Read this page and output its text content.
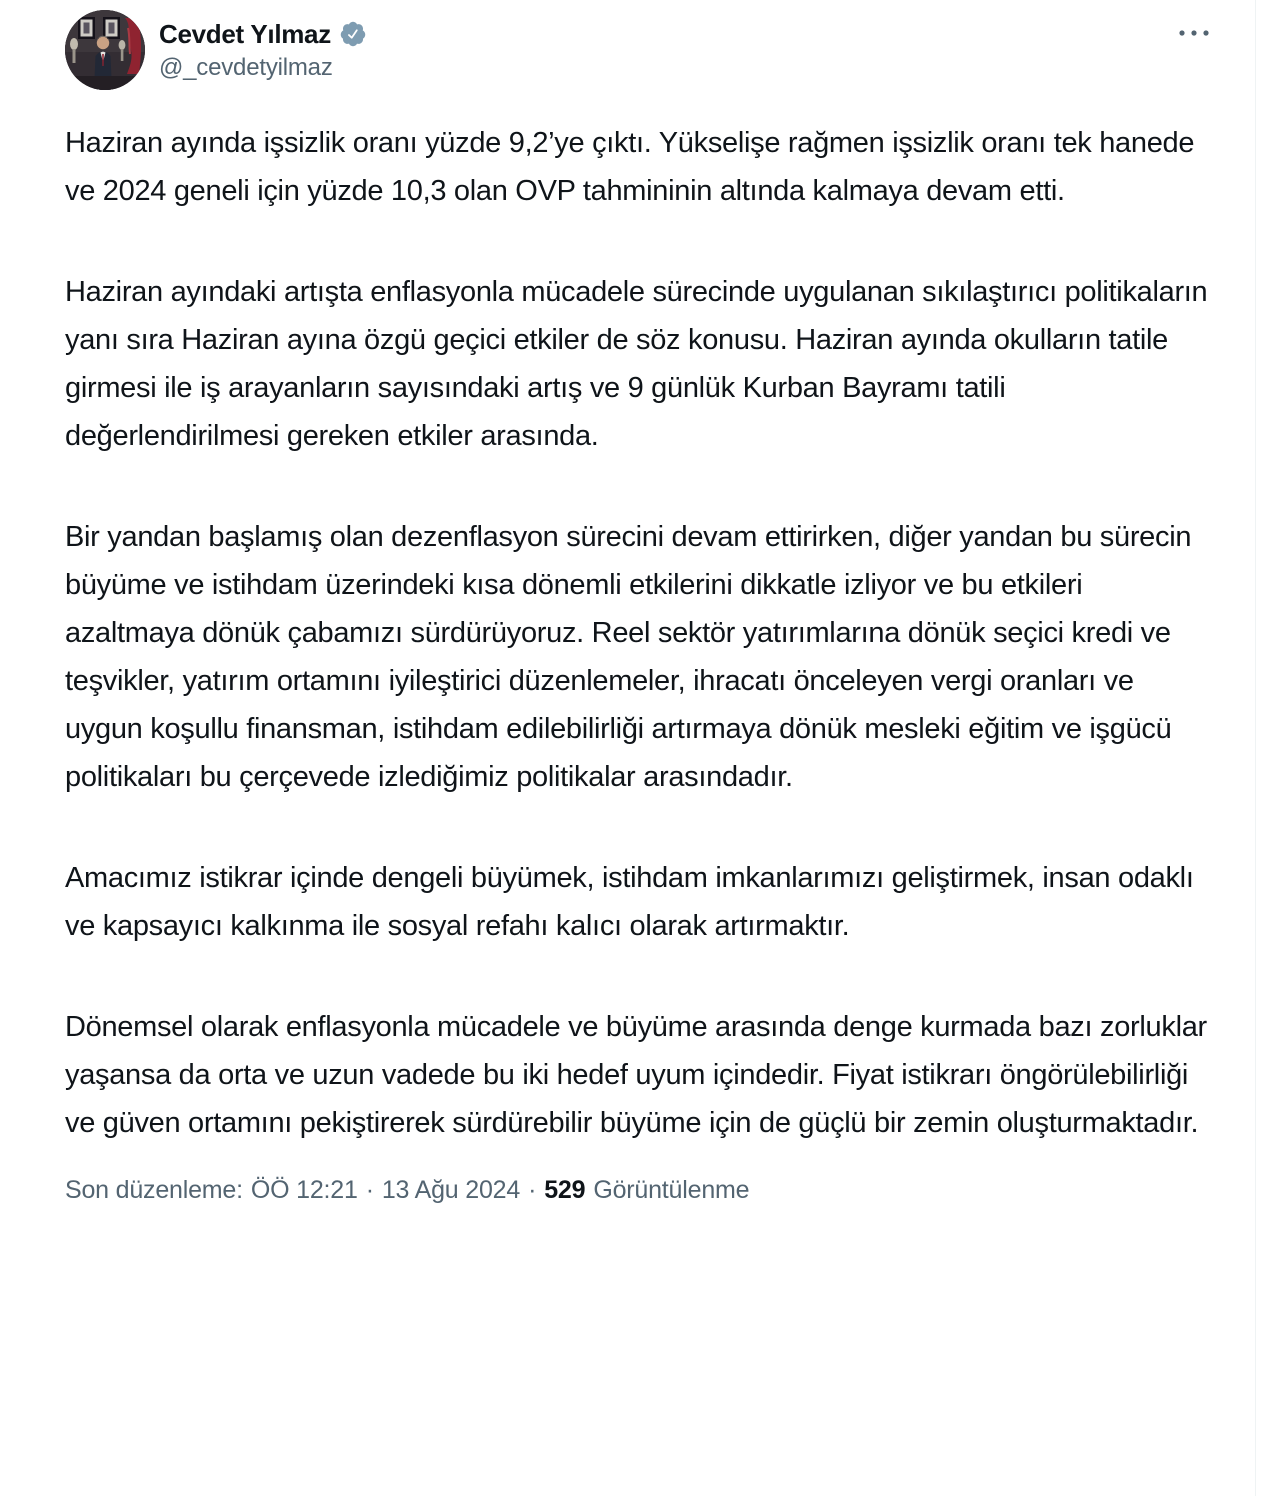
Cevdet Yılmaz
@_cevdetyilmaz

Haziran ayında işsizlik oranı yüzde 9,2’ye çıktı. Yükselişe rağmen işsizlik oranı tek hanede ve 2024 geneli için yüzde 10,3 olan OVP tahmininin altında kalmaya devam etti.

Haziran ayındaki artışta enflasyonla mücadele sürecinde uygulanan sıkılaştırıcı politikaların yanı sıra Haziran ayına özgü geçici etkiler de söz konusu. Haziran ayında okulların tatile girmesi ile iş arayanların sayısındaki artış ve 9 günlük Kurban Bayramı tatili değerlendirilmesi gereken etkiler arasında.

Bir yandan başlamış olan dezenflasyon sürecini devam ettirirken, diğer yandan bu sürecin büyüme ve istihdam üzerindeki kısa dönemli etkilerini dikkatle izliyor ve bu etkileri azaltmaya dönük çabamızı sürdürüyoruz. Reel sektör yatırımlarına dönük seçici kredi ve teşvikler, yatırım ortamını iyileştirici düzenlemeler, ihracatı önceleyen vergi oranları ve uygun koşullu finansman, istihdam edilebilirliği artırmaya dönük mesleki eğitim ve işgücü politikaları bu çerçevede izlediğimiz politikalar arasındadır.

Amacımız istikrar içinde dengeli büyümek, istihdam imkanlarımızı geliştirmek, insan odaklı ve kapsayıcı kalkınma ile sosyal refahı kalıcı olarak artırmaktır.

Dönemsel olarak enflasyonla mücadele ve büyüme arasında denge kurmada bazı zorluklar yaşansa da orta ve uzun vadede bu iki hedef uyum içindedir. Fiyat istikrarı öngörülebilirliği ve güven ortamını pekiştirerek sürdürebilir büyüme için de güçlü bir zemin oluşturmaktadır.

Son düzenleme: ÖÖ 12:21 · 13 Ağu 2024 · 529 Görüntülenme
